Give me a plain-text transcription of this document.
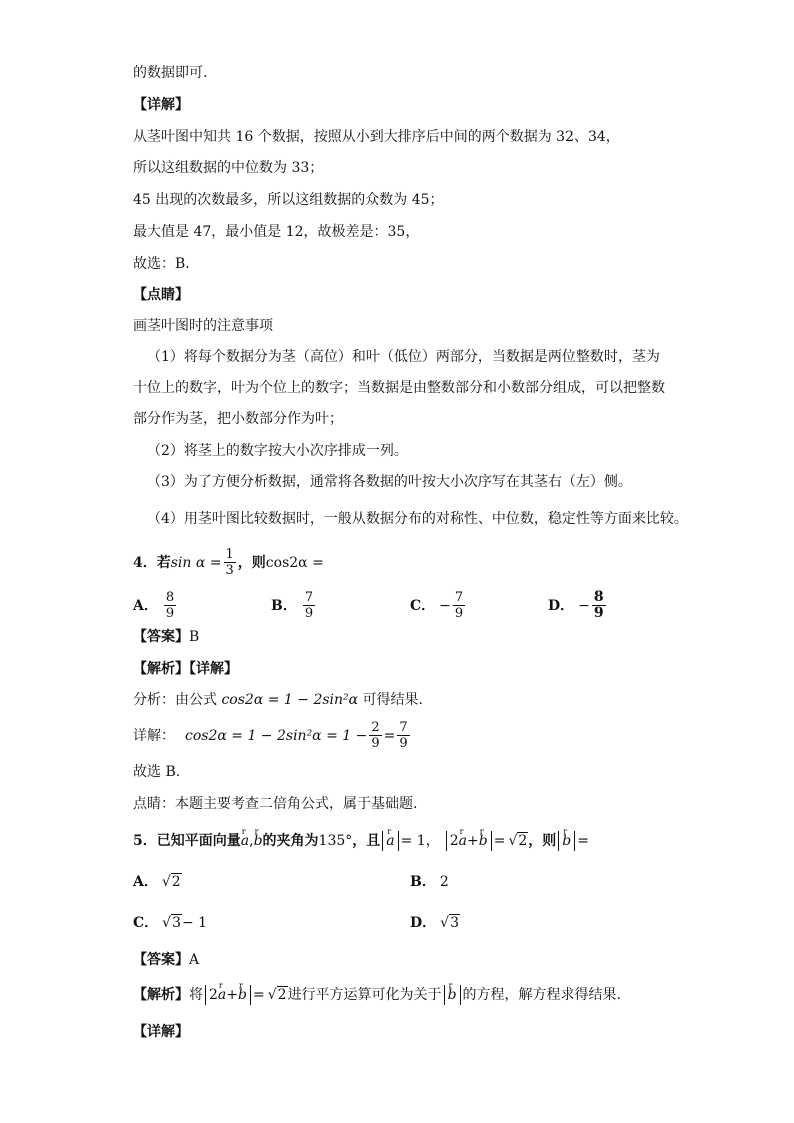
的数据即可.
【详解】
从茎叶图中知共 16 个数据，按照从小到大排序后中间的两个数据为 32、34，
所以这组数据的中位数为 33；
45 出现的次数最多，所以这组数据的众数为 45；
最大值是 47，最小值是 12，故极差是：35，
故选：B．
【点睛】
画茎叶图时的注意事项
（1）将每个数据分为茎（高位）和叶（低位）两部分，当数据是两位整数时，茎为
十位上的数字，叶为个位上的数字；当数据是由整数部分和小数部分组成，可以把整数
部分作为茎，把小数部分作为叶；
（2）将茎上的数字按大小次序排成一列。
（3）为了方便分析数据，通常将各数据的叶按大小次序写在其茎右（左）侧。
（4）用茎叶图比较数据时，一般从数据分布的对称性、中位数，稳定性等方面来比较。
4．若 $\sin \alpha = \frac{1}{3}$ ，则 cos2α =
A． $\frac{8}{9}$	B． $\frac{7}{9}$	C． − $\frac{7}{9}$	D． − $\frac{8}{9}$
【答案】B
【解析】【详解】
分析：由公式 cos2α = 1 − 2sin²α 可得结果.
详解： $\cos 2\alpha = 1 - 2\sin^2\alpha = 1 - \frac{2}{9} = \frac{7}{9}$
故选 B.
点睛：本题主要考查二倍角公式，属于基础题.
5．已知平面向量 r a , r b 的夹角为 135° ，且 r a = 1， 2r a+r b = √2 ，则 r b =
A． √2	B． 2
C． √3 − 1	D． √3
【答案】A
【解析】 将 2r a+r b = √2 进行平方运算可化为关于 r b 的方程，解方程求得结果.
【详解】
